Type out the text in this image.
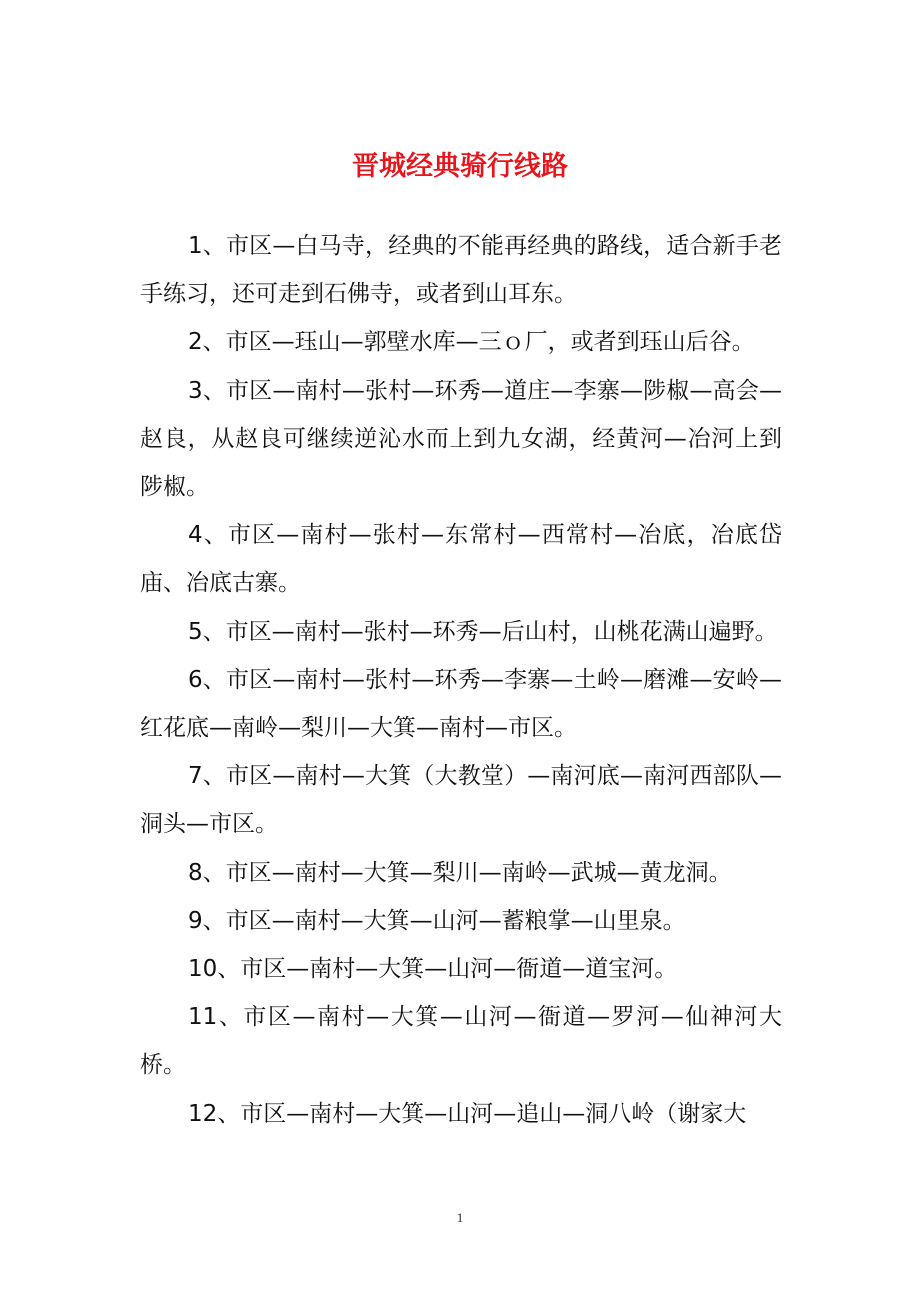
晋城经典骑行线路

1、市区—白马寺，经典的不能再经典的路线，适合新手老手练习，还可走到石佛寺，或者到山耳东。

2、市区—珏山—郭壁水库—三ｏ厂，或者到珏山后谷。

3、市区—南村—张村—环秀—道庄—李寨—陟椒—高会—赵良，从赵良可继续逆沁水而上到九女湖，经黄河—冶河上到陟椒。

4、市区—南村—张村—东常村—西常村—冶底，冶底岱庙、冶底古寨。

5、市区—南村—张村—环秀—后山村，山桃花满山遍野。

6、市区—南村—张村—环秀—李寨—土岭—磨滩—安岭—红花底—南岭—梨川—大箕—南村—市区。

7、市区—南村—大箕（大教堂）—南河底—南河西部队—洞头—市区。

8、市区—南村—大箕—梨川—南岭—武城—黄龙洞。

9、市区—南村—大箕—山河—蓄粮掌—山里泉。

10、市区—南村—大箕—山河—衙道—道宝河。

11、市区—南村—大箕—山河—衙道—罗河—仙神河大桥。

12、市区—南村—大箕—山河—追山—洞八岭（谢家大

1
